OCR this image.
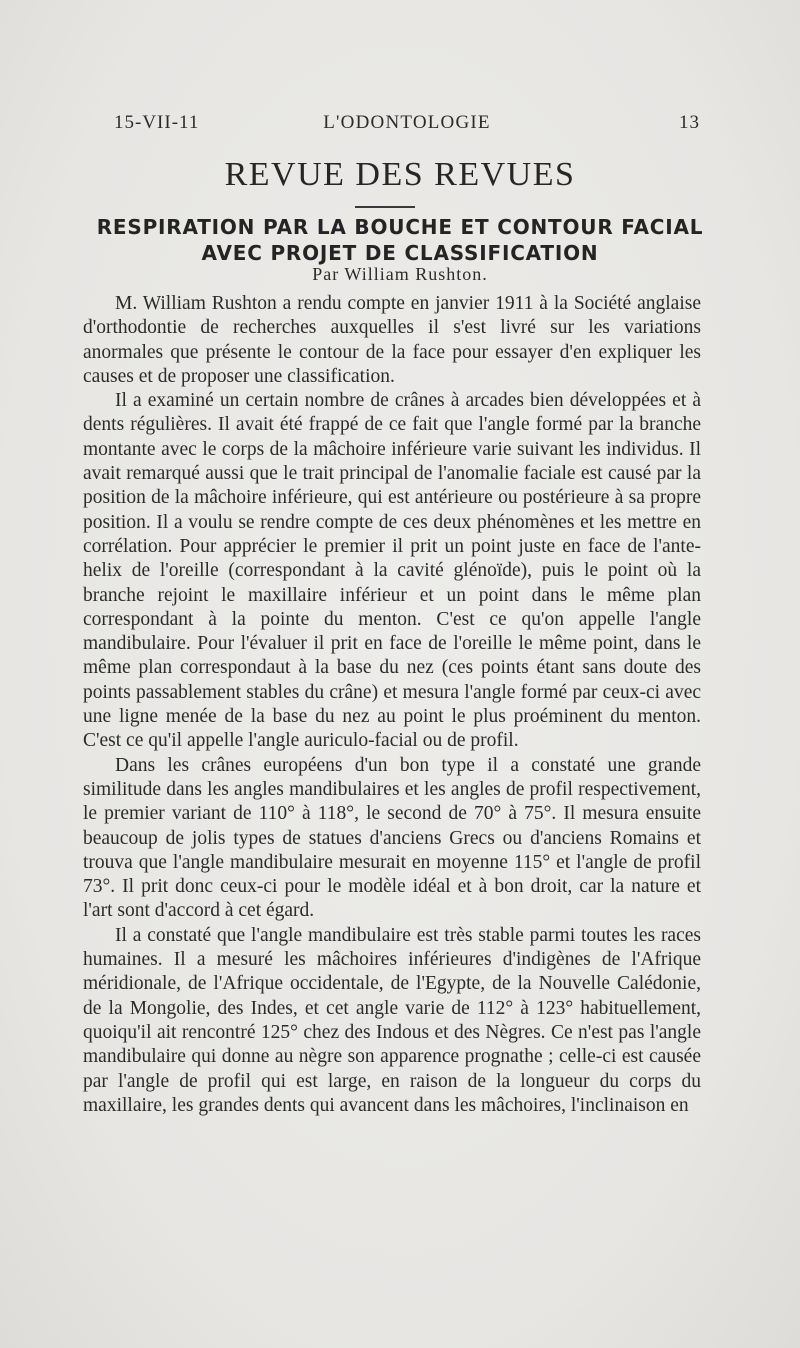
15-VII-11	L'ODONTOLOGIE	13
REVUE DES REVUES
RESPIRATION PAR LA BOUCHE ET CONTOUR FACIAL AVEC PROJET DE CLASSIFICATION
Par William Rushton.

M. William Rushton a rendu compte en janvier 1911 à la Société anglaise d'orthodontie de recherches auxquelles il s'est livré sur les variations anormales que présente le contour de la face pour essayer d'en expliquer les causes et de proposer une classification.

Il a examiné un certain nombre de crânes à arcades bien développées et à dents régulières. Il avait été frappé de ce fait que l'angle formé par la branche montante avec le corps de la mâchoire inférieure varie suivant les individus. Il avait remarqué aussi que le trait principal de l'anomalie faciale est causé par la position de la mâchoire inférieure, qui est antérieure ou postérieure à sa propre position. Il a voulu se rendre compte de ces deux phénomènes et les mettre en corrélation. Pour apprécier le premier il prit un point juste en face de l'ante-helix de l'oreille (correspondant à la cavité glénoïde), puis le point où la branche rejoint le maxillaire inférieur et un point dans le même plan correspondant à la pointe du menton. C'est ce qu'on appelle l'angle mandibulaire. Pour l'évaluer il prit en face de l'oreille le même point, dans le même plan correspondaut à la base du nez (ces points étant sans doute des points passablement stables du crâne) et mesura l'angle formé par ceux-ci avec une ligne menée de la base du nez au point le plus proéminent du menton. C'est ce qu'il appelle l'angle auriculo-facial ou de profil.

Dans les crânes européens d'un bon type il a constaté une grande similitude dans les angles mandibulaires et les angles de profil respectivement, le premier variant de 110° à 118°, le second de 70° à 75°. Il mesura ensuite beaucoup de jolis types de statues d'anciens Grecs ou d'anciens Romains et trouva que l'angle mandibulaire mesurait en moyenne 115° et l'angle de profil 73°. Il prit donc ceux-ci pour le modèle idéal et à bon droit, car la nature et l'art sont d'accord à cet égard.

Il a constaté que l'angle mandibulaire est très stable parmi toutes les races humaines. Il a mesuré les mâchoires inférieures d'indigènes de l'Afrique méridionale, de l'Afrique occidentale, de l'Egypte, de la Nouvelle Calédonie, de la Mongolie, des Indes, et cet angle varie de 112° à 123° habituellement, quoiqu'il ait rencontré 125° chez des Indous et des Nègres. Ce n'est pas l'angle mandibulaire qui donne au nègre son apparence prognathe ; celle-ci est causée par l'angle de profil qui est large, en raison de la longueur du corps du maxillaire, les grandes dents qui avancent dans les mâchoires, l'inclinaison en
